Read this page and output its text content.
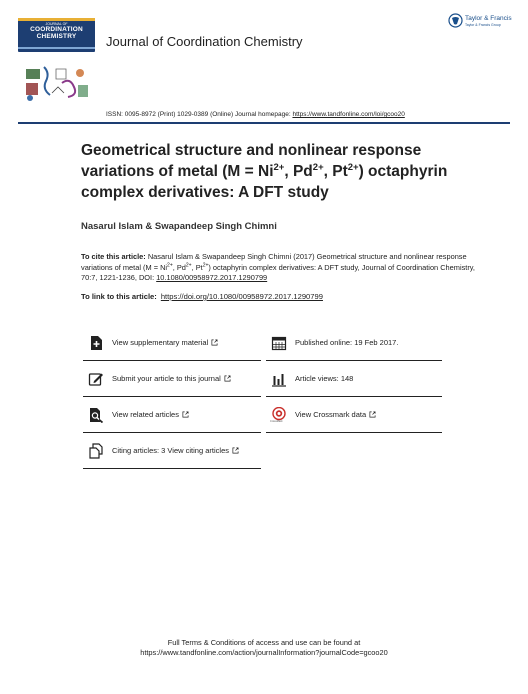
JOURNAL OF
COORDINATION
CHEMISTRY	Journal of Coordination Chemistry
Taylor & Francis
Taylor & Francis Group
ISSN: 0095-8972 (Print) 1029-0389 (Online) Journal homepage: https://www.tandfonline.com/loi/gcoo20
Geometrical structure and nonlinear response
variations of metal ($M = Ni^{2+}$, $Pd^{2+}$, $Pt^{2+}$) octaphyrin
complex derivatives: A DFT study
Nasarul Islam & Swapandeep Singh Chimni
To cite this article: Nasarul Islam & Swapandeep Singh Chimni (2017) Geometrical structure and nonlinear response variations of metal ($M = Ni^{2+}$, $Pd^{2+}$, $Pt^{2+}$) octaphyrin complex derivatives: A DFT study, Journal of Coordination Chemistry, 70:7, 1221-1236, DOI: 10.1080/00958972.2017.1290799
To link to this article: https://doi.org/10.1080/00958972.2017.1290799
View supplementary material
Submit your article to this journal
View related articles
Citing articles: 3 View citing articles
Published online: 19 Feb 2017.
Article views: 148
CrossMark
View Crossmark data
Full Terms & Conditions of access and use can be found at
https://www.tandfonline.com/action/journalInformation?journalCode=gcoo20
